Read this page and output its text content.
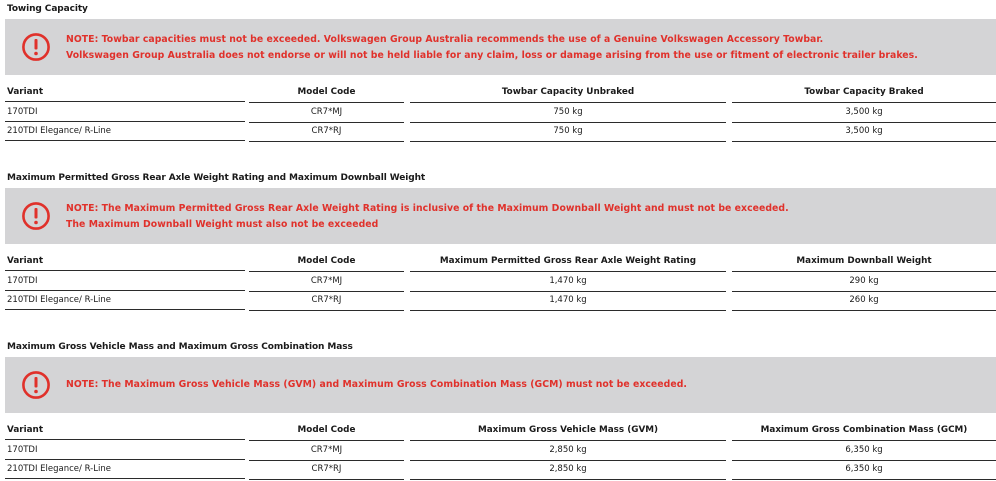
Towing Capacity
NOTE: Towbar capacities must not be exceeded. Volkswagen Group Australia recommends the use of a Genuine Volkswagen Accessory Towbar.
Volkswagen Group Australia does not endorse or will not be held liable for any claim, loss or damage arising from the use or fitment of electronic trailer brakes.
Variant	Model Code	Towbar Capacity Unbraked	Towbar Capacity Braked
170TDI	CR7*MJ	750 kg	3,500 kg
210TDI Elegance/ R-Line	CR7*RJ	750 kg	3,500 kg
Maximum Permitted Gross Rear Axle Weight Rating and Maximum Downball Weight
NOTE: The Maximum Permitted Gross Rear Axle Weight Rating is inclusive of the Maximum Downball Weight and must not be exceeded.
The Maximum Downball Weight must also not be exceeded
Variant	Model Code	Maximum Permitted Gross Rear Axle Weight Rating	Maximum Downball Weight
170TDI	CR7*MJ	1,470 kg	290 kg
210TDI Elegance/ R-Line	CR7*RJ	1,470 kg	260 kg
Maximum Gross Vehicle Mass and Maximum Gross Combination Mass
NOTE: The Maximum Gross Vehicle Mass (GVM) and Maximum Gross Combination Mass (GCM) must not be exceeded.
Variant	Model Code	Maximum Gross Vehicle Mass (GVM)	Maximum Gross Combination Mass (GCM)
170TDI	CR7*MJ	2,850 kg	6,350 kg
210TDI Elegance/ R-Line	CR7*RJ	2,850 kg	6,350 kg
